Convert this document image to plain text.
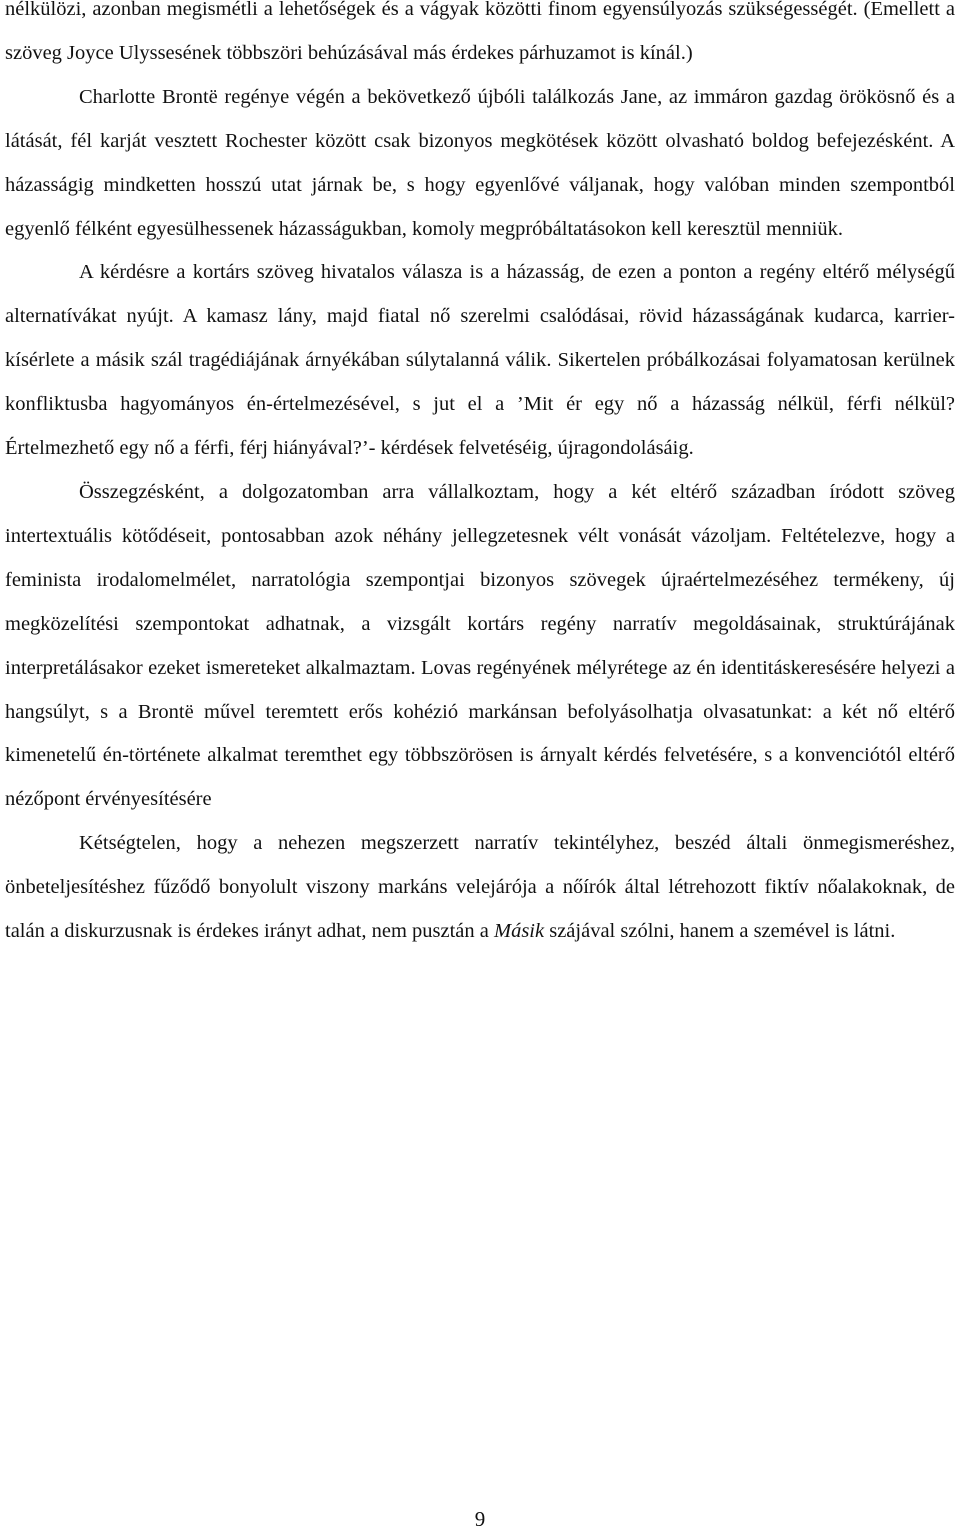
nélkülözi, azonban megismétli a lehetőségek és a vágyak közötti finom egyensúlyozás szükségességét. (Emellett a szöveg Joyce Ulyssesének többszöri behúzásával más érdekes párhuzamot is kínál.)

Charlotte Brontë regénye végén a bekövetkező újbóli találkozás Jane, az immáron gazdag örökösnő és a látását, fél karját vesztett Rochester között csak bizonyos megkötések között olvasható boldog befejezésként. A házasságig mindketten hosszú utat járnak be, s hogy egyenlővé váljanak, hogy valóban minden szempontból egyenlő félként egyesülhessenek házasságukban, komoly megpróbáltatásokon kell keresztül menniük.

A kérdésre a kortárs szöveg hivatalos válasza is a házasság, de ezen a ponton a regény eltérő mélységű alternatívákat nyújt. A kamasz lány, majd fiatal nő szerelmi csalódásai, rövid házasságának kudarca, karrier-kísérlete a másik szál tragédiájának árnyékában súlytalanná válik. Sikertelen próbálkozásai folyamatosan kerülnek konfliktusba hagyományos én-értelmezésével, s jut el a ’Mit ér egy nő a házasság nélkül, férfi nélkül? Értelmezhető egy nő a férfi, férj hiányával?’- kérdések felvetéséig, újragondolásáig.

Összegzésként, a dolgozatomban arra vállalkoztam, hogy a két eltérő században íródott szöveg intertextuális kötődéseit, pontosabban azok néhány jellegzetesnek vélt vonását vázoljam. Feltételezve, hogy a feminista irodalomelmélet, narratológia szempontjai bizonyos szövegek újraértelmezéséhez termékeny, új megközelítési szempontokat adhatnak, a vizsgált kortárs regény narratív megoldásainak, struktúrájának interpretálásakor ezeket ismereteket alkalmaztam. Lovas regényének mélyrétege az én identitáskeresésére helyezi a hangsúlyt, s a Brontë művel teremtett erős kohézió markánsan befolyásolhatja olvasatunkat: a két nő eltérő kimenetelű én-története alkalmat teremthet egy többszörösen is árnyalt kérdés felvetésére, s a konvenciótól eltérő nézőpont érvényesítésére

Kétségtelen, hogy a nehezen megszerzett narratív tekintélyhez, beszéd általi önmegismeréshez, önbeteljesítéshez fűződő bonyolult viszony markáns velejárója a nőírók által létrehozott fiktív nőalakoknak, de talán a diskurzusnak is érdekes irányt adhat, nem pusztán a Másik szájával szólni, hanem a szemével is látni.

9
